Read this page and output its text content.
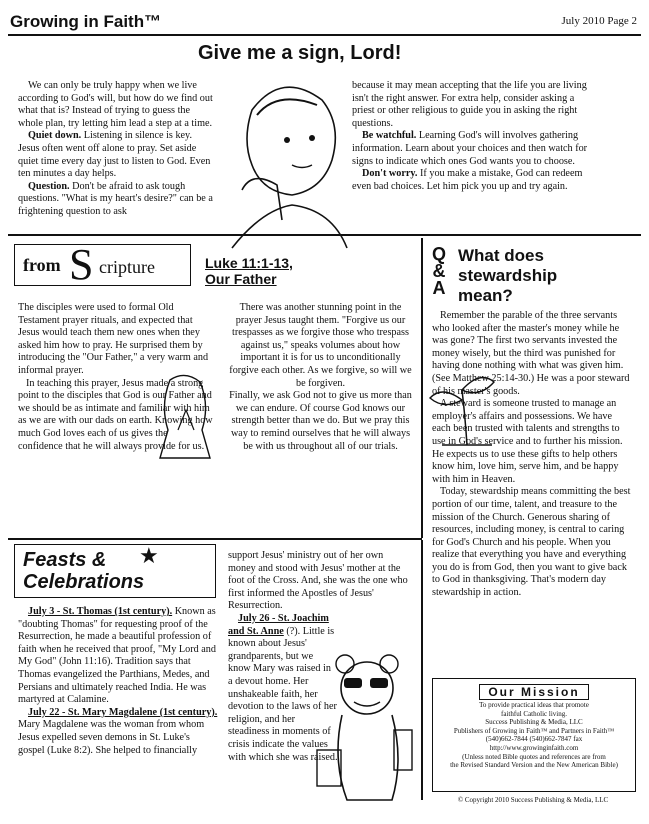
Growing in Faith™	July 2010 Page 2
Give me a sign, Lord!
We can only be truly happy when we live according to God's will, but how do we find out what that is? Instead of trying to guess the whole plan, try letting him lead a step at a time.
Quiet down. Listening in silence is key. Jesus often went off alone to pray. Set aside quiet time every day just to listen to God. Even ten minutes a day helps.
Question. Don't be afraid to ask tough questions. "What is my heart's desire?" can be a frightening question to ask
because it may mean accepting that the life you are living isn't the right answer. For extra help, consider asking a priest or other religious to guide you in asking the right questions.
Be watchful. Learning God's will involves gathering information. Learn about your choices and then watch for signs to indicate which ones God wants you to choose.
Don't worry. If you make a mistake, God can redeem even bad choices. Let him pick you up and try again.
from S cripture	Luke 11:1-13,
Our Father
The disciples were used to formal Old Testament prayer rituals, and expected that Jesus would teach them new ones when they asked him how to pray. He surprised them by introducing the "Our Father," a very warm and informal prayer.
In teaching this prayer, Jesus made a strong point to the disciples that God is our Father and we should be as intimate and familiar with him as we are with our dads on earth. Knowing how much God loves each of us gives the confidence that he will always provide for us.
There was another stunning point in the prayer Jesus taught them. "Forgive us our trespasses as we forgive those who trespass against us," speaks volumes about how important it is for us to unconditionally forgive each other. As we forgive, so will we be forgiven.
Finally, we ask God not to give us more than we can endure. Of course God knows our strength better than we do. But we pray this way to remind ourselves that he will always be with us throughout all of our trials.
Q
&
A
What does stewardship mean?
Remember the parable of the three servants who looked after the master's money while he was gone? The first two servants invested the money wisely, but the third was punished for having done nothing with what was given him. (See Matthew 25:14-30.) He was a poor steward of his master's goods.
A steward is someone trusted to manage an employer's affairs and possessions. We have each been trusted with talents and strengths to use in God's service and to further his mission. He expects us to use these gifts to help others know him, love him, serve him, and be happy with him in Heaven.
Today, stewardship means committing the best portion of our time, talent, and treasure to the mission of the Church. Generous sharing of resources, including money, is central to caring for God's Church and his people. When you realize that everything you have and everything you do is from God, then you want to give back to God in thanksgiving. That's modern day stewardship in action.
Feasts &
Celebrations
★
July 3 - St. Thomas (1st century). Known as "doubting Thomas" for requesting proof of the Resurrection, he made a beautiful profession of faith when he received that proof, "My Lord and My God" (John 11:16). Tradition says that Thomas evangelized the Parthians, Medes, and Persians and ultimately reached India. He was martyred at Calamine.
July 22 - St. Mary Magdalene (1st century). Mary Magdalene was the woman from whom Jesus expelled seven demons in St. Luke's gospel (Luke 8:2). She helped to financially
support Jesus' ministry out of her own money and stood with Jesus' mother at the foot of the Cross. And, she was the one who first informed the Apostles of Jesus' Resurrection.
July 26 - St. Joachim and St. Anne (?). Little is known about Jesus' grandparents, but we know Mary was raised in a devout home. Her unshakeable faith, her devotion to the laws of her religion, and her steadiness in moments of crisis indicate the values with which she was raised.
Our Mission
To provide practical ideas that promote
faithful Catholic living.
Success Publishing & Media, LLC
Publishers of Growing in Faith™ and Partners in Faith™
(540)662-7844 (540)662-7847 fax
http://www.growinginfaith.com
(Unless noted Bible quotes and references are from
the Revised Standard Version and the New American Bible)
© Copyright 2010 Success Publishing & Media, LLC
